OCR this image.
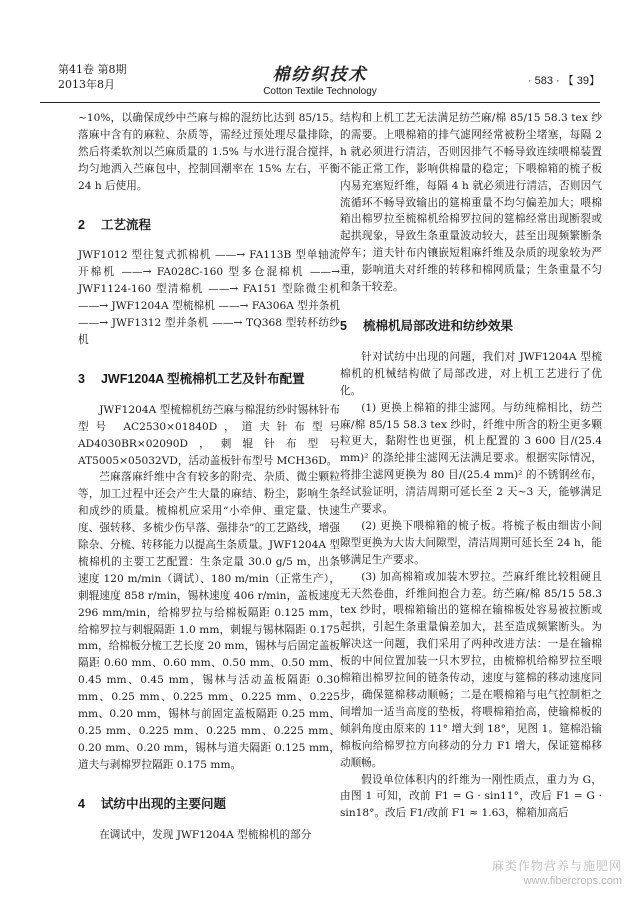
第41卷 第8期
2013年8月	棉纺织技术
Cotton Textile Technology
· 583 · 【 39】

~10%，以确保成纱中苎麻与棉的混纺比达到 85/15。落麻中含有的麻粒、杂质等，需经过预处理尽量排除，然后将柔软剂以苎麻质量的 1.5% 与水进行混合搅拌，均匀地洒入苎麻包中，控制回潮率在 15% 左右，平衡 24 h 后使用。

2 工艺流程

JWF1012 型往复式抓棉机 ——→ FA113B 型单轴流开棉机 ——→ FA028C-160 型多仓混棉机 ——→ JWF1124-160 型清棉机 ——→ FA151 型除微尘机 ——→ JWF1204A 型梳棉机 ——→ FA306A 型并条机 ——→ JWF1312 型并条机 ——→ TQ368 型转杯纺纱机

3 JWF1204A 型梳棉机工艺及针布配置

JWF1204A 型梳棉机纺苎麻与棉混纺纱时锡林针布型号 AC2530×01840D，道夫针布型号 AD4030BR×02090D，刺辊针布型号 AT5005×05032VD，活动盖板针布型号 MCH36D。

苎麻落麻纤维中含有较多的附壳、杂质、微尘颗粒等，加工过程中还会产生大量的麻结、粉尘，影响生条和成纱的质量。梳棉机应采用“小牵伸、重定量、快速度、强转移、多梳少伤早落、强排杂”的工艺路线，增强除杂、分梳、转移能力以提高生条质量。JWF1204A 型梳棉机的主要工艺配置：生条定量 30.0 g/5 m，出条速度 120 m/min（调试）、180 m/min（正常生产），刺辊速度 858 r/min，锡林速度 406 r/min，盖板速度 296 mm/min，给棉罗拉与给棉板隔距 0.125 mm，给棉罗拉与刺辊隔距 1.0 mm，刺辊与锡林隔距 0.175 mm，给棉板分梳工艺长度 20 mm，锡林与后固定盖板隔距 0.60 mm、0.60 mm、0.50 mm、0.50 mm、0.45 mm、0.45 mm，锡林与活动盖板隔距 0.30 mm、0.25 mm、0.225 mm、0.225 mm、0.225 mm、0.20 mm，锡林与前固定盖板隔距 0.25 mm、0.25 mm、0.225 mm、0.225 mm、0.225 mm、0.20 mm、0.20 mm，锡林与道夫隔距 0.125 mm，道夫与剥棉罗拉隔距 0.175 mm。

4 试纺中出现的主要问题

在调试中，发现 JWF1204A 型梳棉机的部分

结构和上机工艺无法满足纺苎麻/棉 85/15 58.3 tex 纱的需要。上喂棉箱的排气滤网经常被粉尘堵塞，每隔 2 h 就必须进行清洁，否则因排气不畅导致连续喂棉装置不能正常工作，影响供棉量的稳定；下喂棉箱的梳子板内易充塞短纤维，每隔 4 h 就必须进行清洁，否则因气流循环不畅导致输出的筵棉重量不均匀偏差加大；喂棉箱出棉罗拉至梳棉机给棉罗拉间的筵棉经常出现断裂或起拱现象，导致生条重量波动较大，甚至出现频繁断条停车；道夫针布内镶嵌短粗麻纤维及杂质的现象较为严重，影响道夫对纤维的转移和棉网质量；生条重量不匀和条干较差。

5 梳棉机局部改进和纺纱效果

针对试纺中出现的问题，我们对 JWF1204A 型梳棉机的机械结构做了局部改进，对上机工艺进行了优化。

(1) 更换上棉箱的排尘滤网。与纺纯棉相比，纺苎麻/棉 85/15 58.3 tex 纱时，纤维中所含的粉尘更多颗粒更大，黏附性也更强，机上配置的 3 600 目/(25.4 mm)² 的涤纶排尘滤网无法满足要求。根据实际情况，将排尘滤网更换为 80 目/(25.4 mm)² 的不锈钢丝布，经试验证明，清洁周期可延长至 2 天~3 天，能够满足生产要求。

(2) 更换下喂棉箱的梳子板。将梳子板由细齿小间隙型更换为大齿大间隙型，清洁周期可延长至 24 h，能够满足生产要求。

(3) 加高棉箱或加装木罗拉。苎麻纤维比较粗硬且无天然卷曲，纤维间抱合力差。纺苎麻/棉 85/15 58.3 tex 纱时，喂棉箱输出的筵棉在输棉板处容易被拉断或起拱，引起生条重量偏差加大，甚至造成频繁断头。为解决这一问题，我们采用了两种改进方法：一是在输棉板的中间位置加装一只木罗拉，由梳棉机给棉罗拉至喂棉箱出棉罗拉间的链条传动，速度与筵棉的移动速度同步，确保筵棉移动顺畅；二是在喂棉箱与电气控制柜之间增加一适当高度的垫板，将喂棉箱抬高，使输棉板的倾斜角度由原来的 11° 增大到 18°，见图 1。筵棉沿输棉板向给棉罗拉方向移动的分力 F1 增大，保证筵棉移动顺畅。

假设单位体积内的纤维为一刚性质点，重力为 G，由图 1 可知，改前 F1 = G · sin11°，改后 F1 = G · sin18°。改后 F1/改前 F1 ≈ 1.63，棉箱加高后

麻类作物营养与施肥网
www.fibercrops.com
